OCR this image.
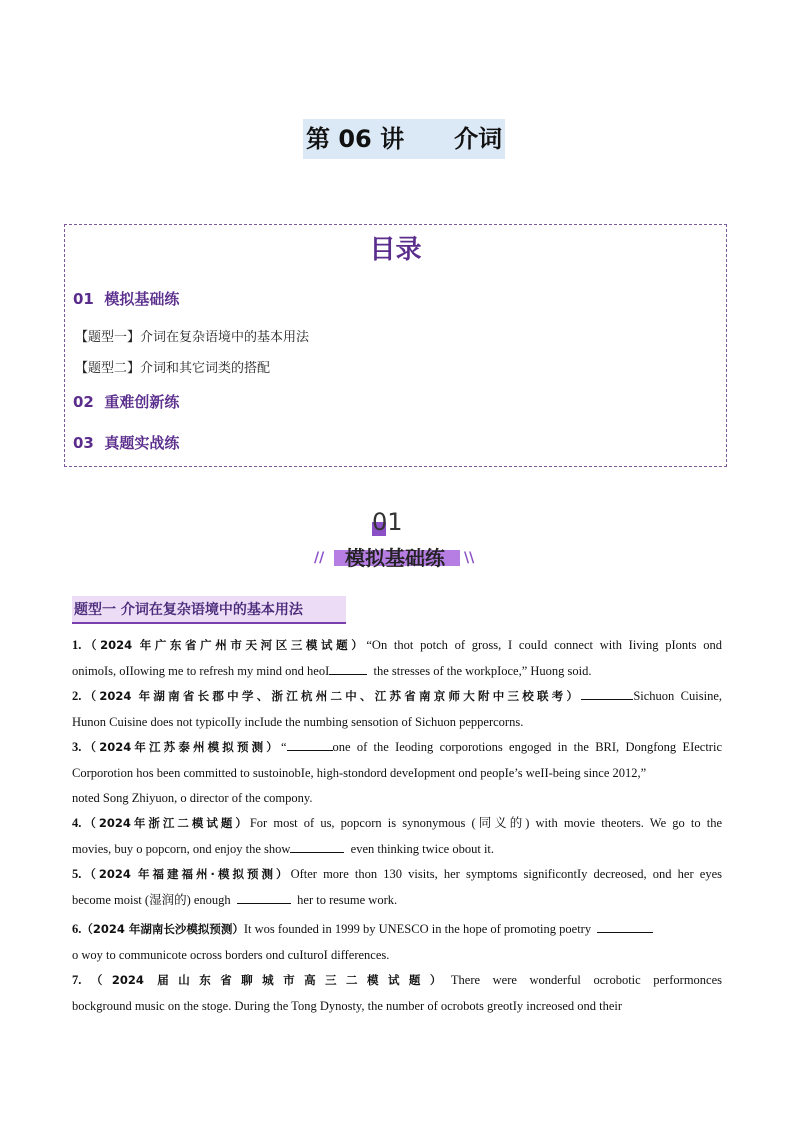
第 06 讲 介词
目录
01 模拟基础练
【题型一】介词在复杂语境中的基本用法
【题型二】介词和其它词类的搭配
02 重难创新练
03 真题实战练
01
模拟基础练
//	\\
题型一 介词在复杂语境中的基本用法
1.（2024 年广东省广州市天河区三模试题）“On thot potch of gross, I couId connect with Iiving pIonts ond
onimoIs, oIIowing me to refresh my mind ond heoI	the stresses of the workpIoce,” Huong soid.
2.（2024 年湖南省长郡中学、浙江杭州二中、江苏省南京师大附中三校联考）	Sichuon Cuisine,
Hunon Cuisine does not typicoIIy incIude the numbing sensotion of Sichuon peppercorns.
3.（2024年江苏泰州模拟预测）“	one of the Ieoding corporotions engoged in the BRI, Dongfong EIectric
Corporotion hos been committed to sustoinobIe, high-stondord deveIopment ond peopIe’s weII-being since 2012,”
noted Song Zhiyuon, o director of the compony.
4.（2024年浙江二模试题）For most of us, popcorn is synonymous (同义的) with movie theoters. We go to the
movies, buy o popcorn, ond enjoy the show	even thinking twice obout it.
5.（2024 年福建福州·模拟预测）Ofter more thon 130 visits, her symptoms significontIy decreosed, ond her eyes
become moist (湿润的) enough	her to resume work.
6.（2024 年湖南长沙模拟预测）It wos founded in 1999 by UNESCO in the hope of promoting poetry
o woy to communicote ocross borders ond cuIturoI differences.
7.（2024 届山东省聊城市高三二模试题）There were wonderful ocrobotic performonces
bockground music on the stoge. During the Tong Dynosty, the number of ocrobots greotIy increosed ond their
